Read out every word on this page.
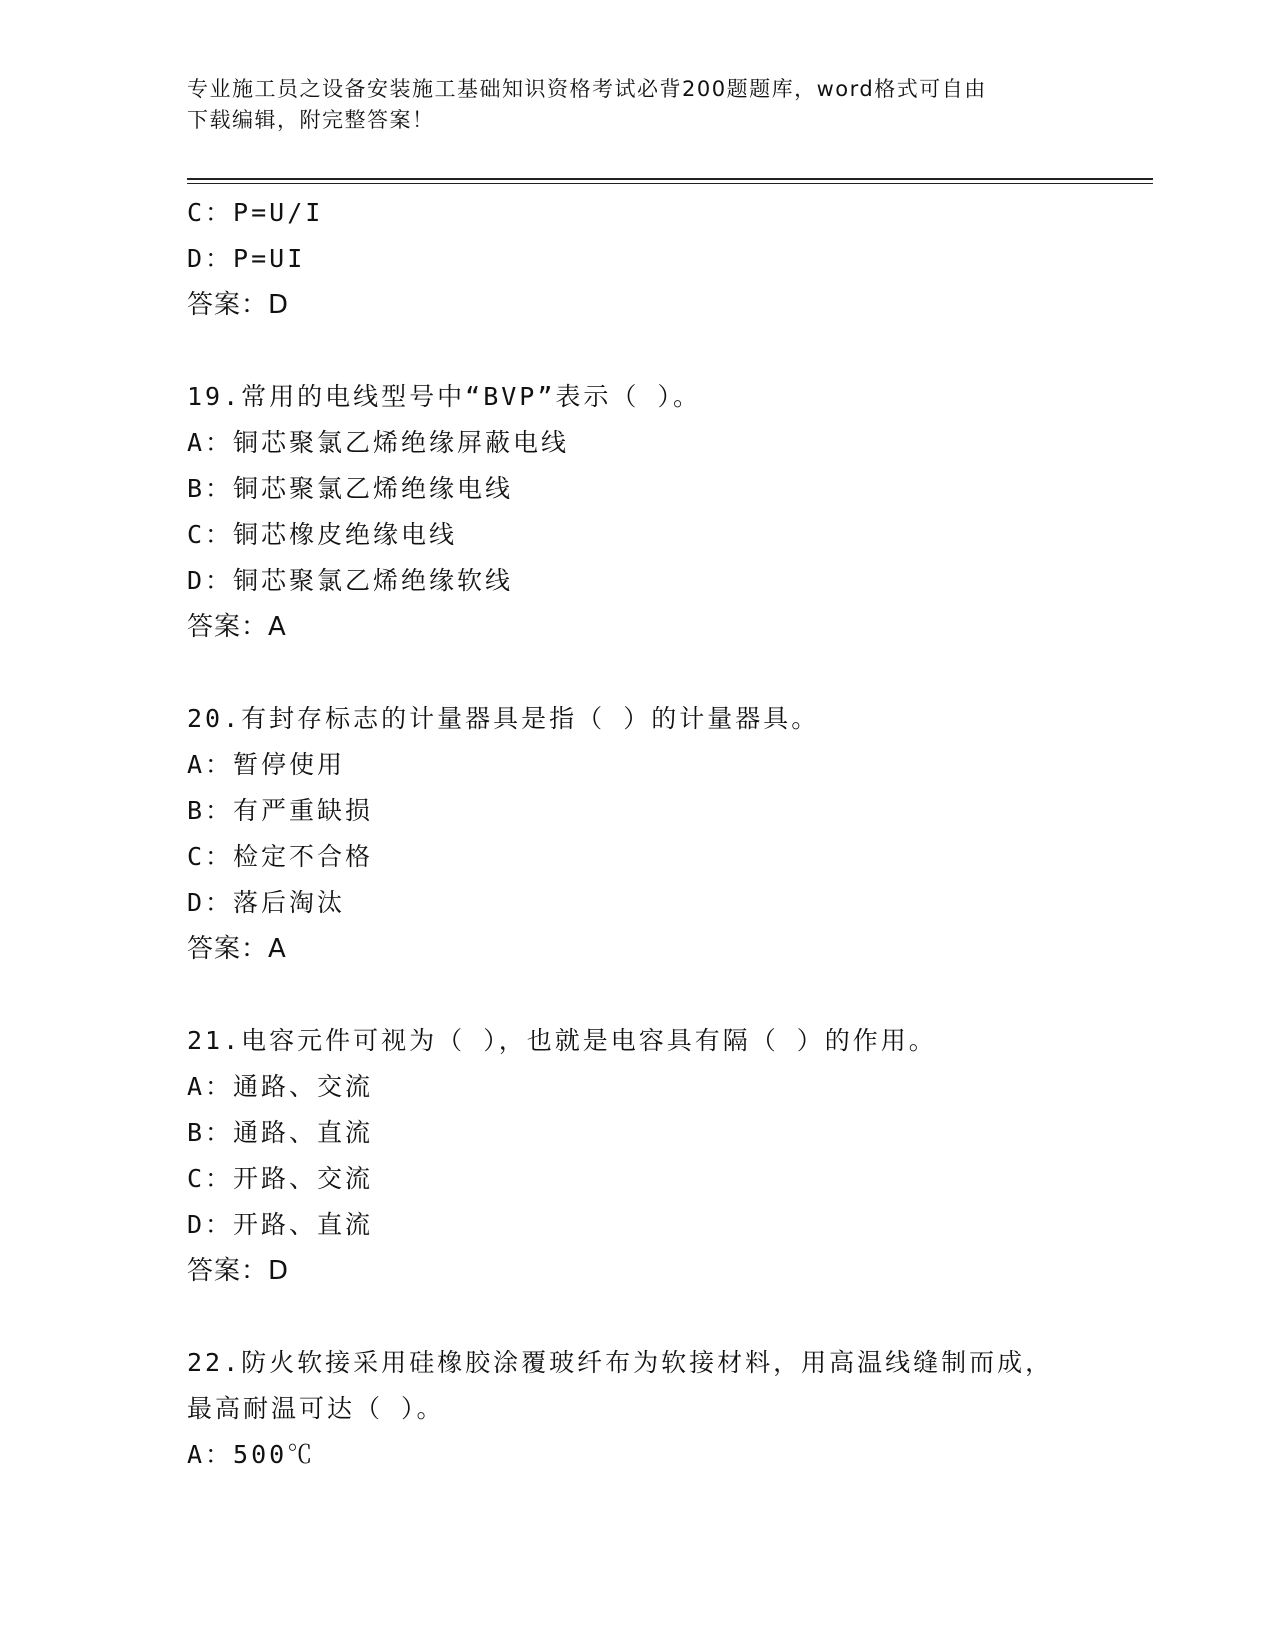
专业施工员之设备安装施工基础知识资格考试必背200题题库，word格式可自由
下载编辑，附完整答案！
C：P=U/I
D：P=UI
答案：D
19.常用的电线型号中“BVP”表示（ ）。
A：铜芯聚氯乙烯绝缘屏蔽电线
B：铜芯聚氯乙烯绝缘电线
C：铜芯橡皮绝缘电线
D：铜芯聚氯乙烯绝缘软线
答案：A
20.有封存标志的计量器具是指（ ）的计量器具。
A：暂停使用
B：有严重缺损
C：检定不合格
D：落后淘汰
答案：A
21.电容元件可视为（ ），也就是电容具有隔（ ）的作用。
A：通路、交流
B：通路、直流
C：开路、交流
D：开路、直流
答案：D
22.防火软接采用硅橡胶涂覆玻纤布为软接材料，用高温线缝制而成，
最高耐温可达（ ）。
A：500℃
